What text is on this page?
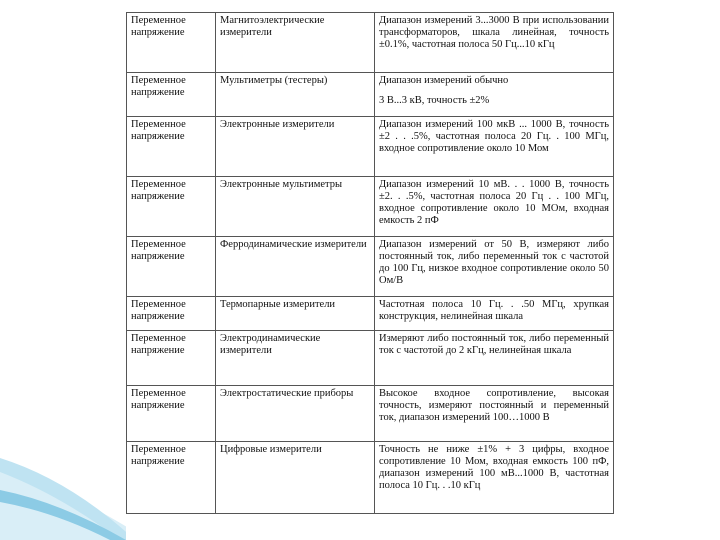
Переменное напряжение	Магнитоэлектрические измерители	Диапазон измерений 3...3000 В при использовании трансформаторов, шкала линейная, точность ±0.1%, частотная полоса 50 Гц...10 кГц
Переменное напряжение	Мультиметры (тестеры)	Диапазон измерений обычно
3 В...3 кВ, точность ±2%
Переменное напряжение	Электронные измерители	Диапазон измерений 100 мкВ ... 1000 В, точность ±2 . . .5%, частотная полоса 20 Гц. . 100 МГц, входное сопротивление около 10 Мом
Переменное напряжение	Электронные мультиметры	Диапазон измерений 10 мВ. . . 1000 В, точность ±2. . .5%, частотная полоса 20 Гц . . 100 МГц, входное сопротивление около 10 МОм, входная емкость 2 пФ
Переменное напряжение	Ферродинамические измерители	Диапазон измерений от 50 В, измеряют либо постоянный ток, либо переменный ток с частотой до 100 Гц, низкое входное сопротивление около 50 Ом/В
Переменное напряжение	Термопарные измерители	Частотная полоса 10 Гц. . .50 МГц, хрупкая конструкция, нелинейная шкала
Переменное напряжение	Электродинамические измерители	Измеряют либо постоянный ток, либо переменный ток с частотой до 2 кГц, нелинейная шкала
Переменное напряжение	Электростатические приборы	Высокое входное сопротивление, высокая точность, измеряют постоянный и переменный ток, диапазон измерений 100…1000 В
Переменное напряжение	Цифровые измерители	Точность не ниже ±1% + 3 цифры, входное сопротивление 10 Мом, входная емкость 100 пФ, диапазон измерений 100 мВ...1000 В, частотная полоса 10 Гц. . .10 кГц
